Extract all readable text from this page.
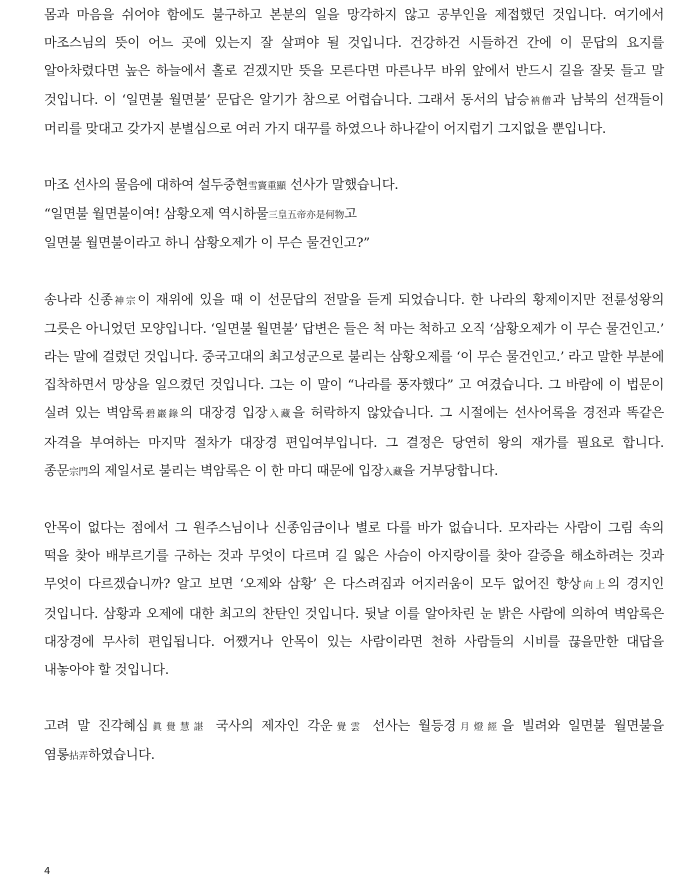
몸과 마음을 쉬어야 함에도 불구하고 본분의 일을 망각하지 않고 공부인을 제접했던 것입니다. 여기에서 마조스님의 뜻이 어느 곳에 있는지 잘 살펴야 될 것입니다. 건강하건 시들하건 간에 이 문답의 요지를 알아차렸다면 높은 하늘에서 홀로 걷겠지만 뜻을 모른다면 마른나무 바위 앞에서 반드시 길을 잘못 들고 말 것입니다. 이 ‘일면불 월면불’ 문답은 알기가 참으로 어렵습니다. 그래서 동서의 납승衲僧과 남북의 선객들이 머리를 맞대고 갖가지 분별심으로 여러 가지 대꾸를 하였으나 하나같이 어지럽기 그지없을 뿐입니다.

마조 선사의 물음에 대하여 설두중현雪竇重顯 선사가 말했습니다.

“일면불 월면불이여! 삼황오제 역시하물三皇五帝亦是何物고

일면불 월면불이라고 하니 삼황오제가 이 무슨 물건인고?”

송나라 신종神宗이 재위에 있을 때 이 선문답의 전말을 듣게 되었습니다. 한 나라의 황제이지만 전륜성왕의 그릇은 아니었던 모양입니다. ‘일면불 월면불’ 답변은 들은 척 마는 척하고 오직 ‘삼황오제가 이 무슨 물건인고.’ 라는 말에 걸렸던 것입니다. 중국고대의 최고성군으로 불리는 삼황오제를 ‘이 무슨 물건인고.’ 라고 말한 부분에 집착하면서 망상을 일으켰던 것입니다. 그는 이 말이 “나라를 풍자했다” 고 여겼습니다. 그 바람에 이 법문이 실려 있는 벽암록碧巖錄의 대장경 입장入藏을 허락하지 않았습니다. 그 시절에는 선사어록을 경전과 똑같은 자격을 부여하는 마지막 절차가 대장경 편입여부입니다. 그 결정은 당연히 왕의 재가를 필요로 합니다. 종문宗門의 제일서로 불리는 벽암록은 이 한 마디 때문에 입장入藏을 거부당합니다.

안목이 없다는 점에서 그 원주스님이나 신종임금이나 별로 다를 바가 없습니다. 모자라는 사람이 그림 속의 떡을 찾아 배부르기를 구하는 것과 무엇이 다르며 길 잃은 사슴이 아지랑이를 찾아 갈증을 해소하려는 것과 무엇이 다르겠습니까? 알고 보면 ‘오제와 삼황’ 은 다스려짐과 어지러움이 모두 없어진 향상向上의 경지인 것입니다. 삼황과 오제에 대한 최고의 찬탄인 것입니다. 뒷날 이를 알아차린 눈 밝은 사람에 의하여 벽암록은 대장경에 무사히 편입됩니다. 어쨌거나 안목이 있는 사람이라면 천하 사람들의 시비를 끊을만한 대답을 내놓아야 할 것입니다.

고려 말 진각혜심眞覺慧諶 국사의 제자인 각운覺雲 선사는 월등경月燈經을 빌려와 일면불 월면불을 염롱拈弄하였습니다.

4
